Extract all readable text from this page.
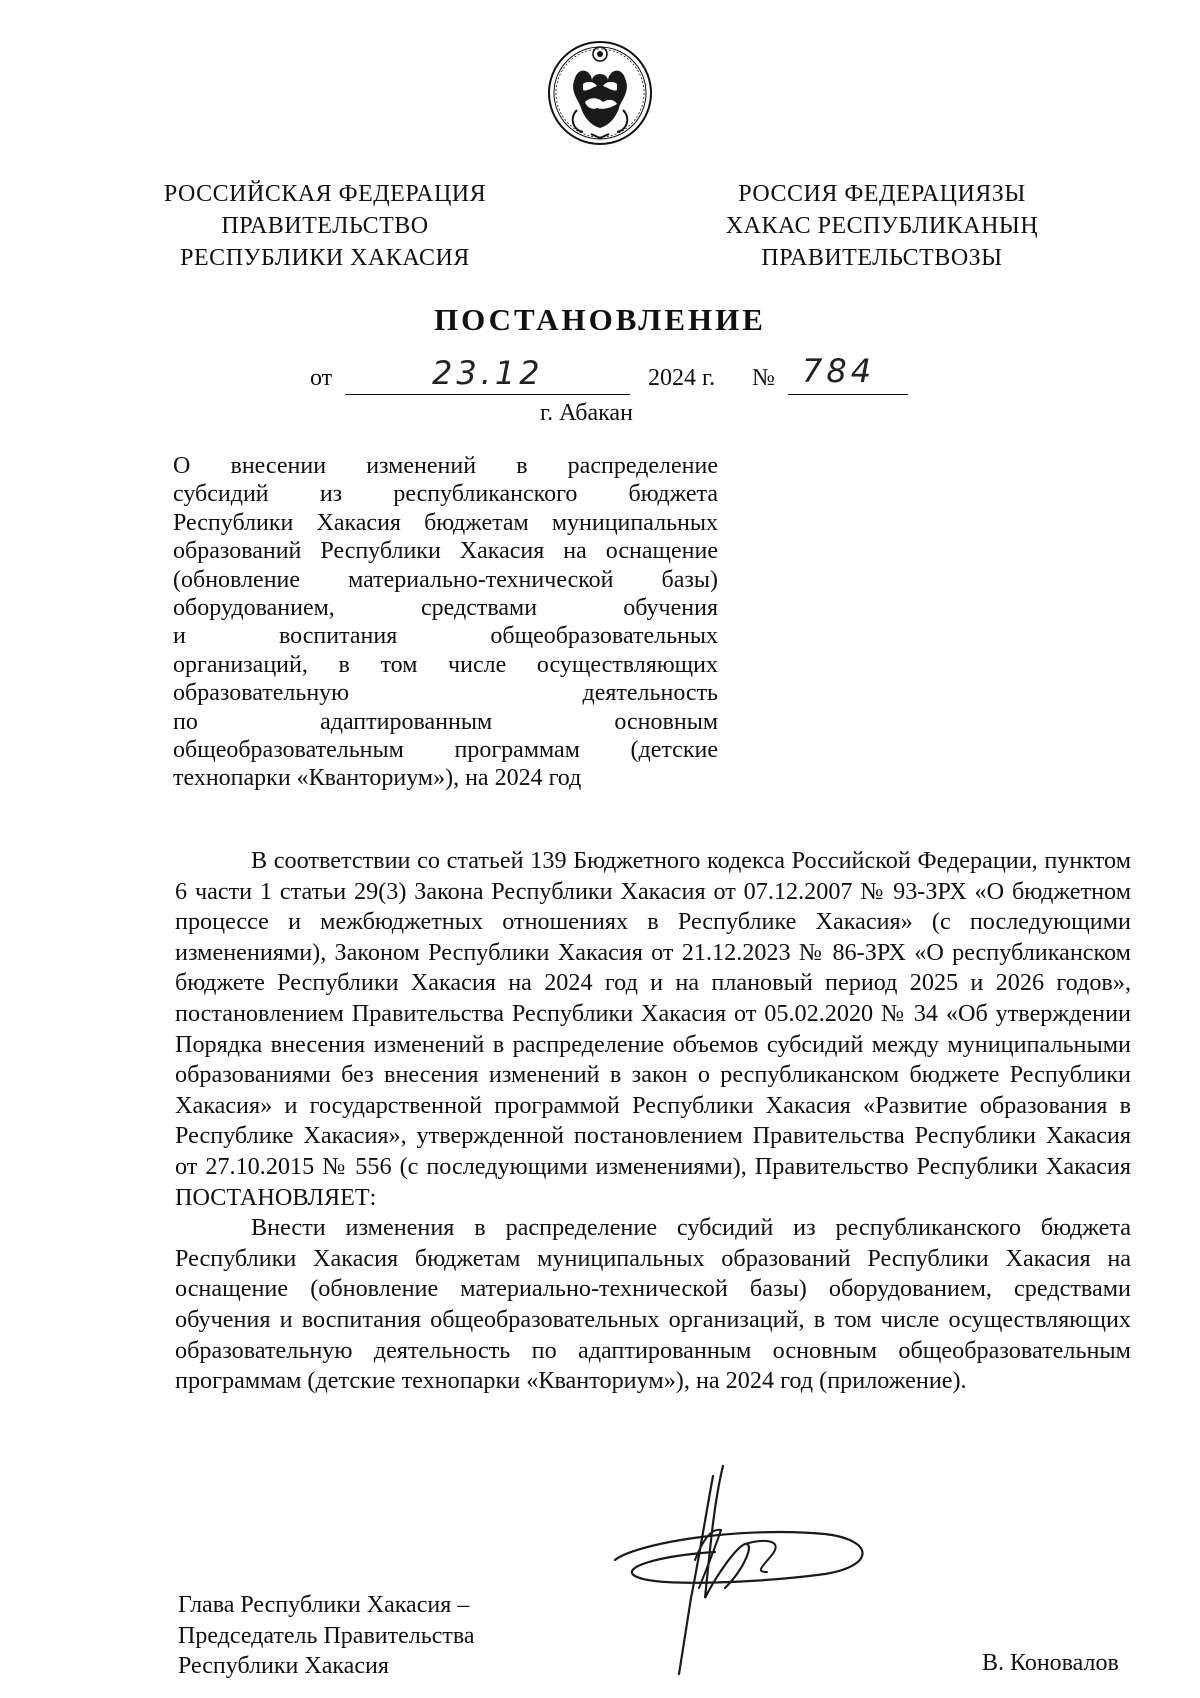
РОССИЙСКАЯ ФЕДЕРАЦИЯ
ПРАВИТЕЛЬСТВО
РЕСПУБЛИКИ ХАКАСИЯ
РОССИЯ ФЕДЕРАЦИЯЗЫ
ХАКАС РЕСПУБЛИКАНЫҢ
ПРАВИТЕЛЬСТВОЗЫ
ПОСТАНОВЛЕНИЕ
от	23.12	2024 г. № 784
г. Абакан
О внесении изменений в распределение
субсидий из республиканского бюджета
Республики Хакасия бюджетам муниципальных
образований Республики Хакасия на оснащение
(обновление материально-технической базы)
оборудованием, средствами обучения
и воспитания общеобразовательных
организаций, в том числе осуществляющих
образовательную деятельность
по адаптированным основным
общеобразовательным программам (детские
технопарки «Кванториум»), на 2024 год

В соответствии со статьей 139 Бюджетного кодекса Российской Федерации, пунктом 6 части 1 статьи 29(3) Закона Республики Хакасия от 07.12.2007 № 93-ЗРХ «О бюджетном процессе и межбюджетных отношениях в Республике Хакасия» (с последующими изменениями), Законом Республики Хакасия от 21.12.2023 № 86-ЗРХ «О республиканском бюджете Республики Хакасия на 2024 год и на плановый период 2025 и 2026 годов», постановлением Правительства Республики Хакасия от 05.02.2020 № 34 «Об утверждении Порядка внесения изменений в распределение объемов субсидий между муниципальными образованиями без внесения изменений в закон о республиканском бюджете Республики Хакасия» и государственной программой Республики Хакасия «Развитие образования в Республике Хакасия», утвержденной постановлением Правительства Республики Хакасия от 27.10.2015 № 556 (с последующими изменениями), Правительство Республики Хакасия ПОСТАНОВЛЯЕТ:

Внести изменения в распределение субсидий из республиканского бюджета Республики Хакасия бюджетам муниципальных образований Республики Хакасия на оснащение (обновление материально-технической базы) оборудованием, средствами обучения и воспитания общеобразовательных организаций, в том числе осуществляющих образовательную деятельность по адаптированным основным общеобразовательным программам (детские технопарки «Кванториум»), на 2024 год (приложение).

Глава Республики Хакасия –
Председатель Правительства
Республики Хакасия	В. Коновалов
